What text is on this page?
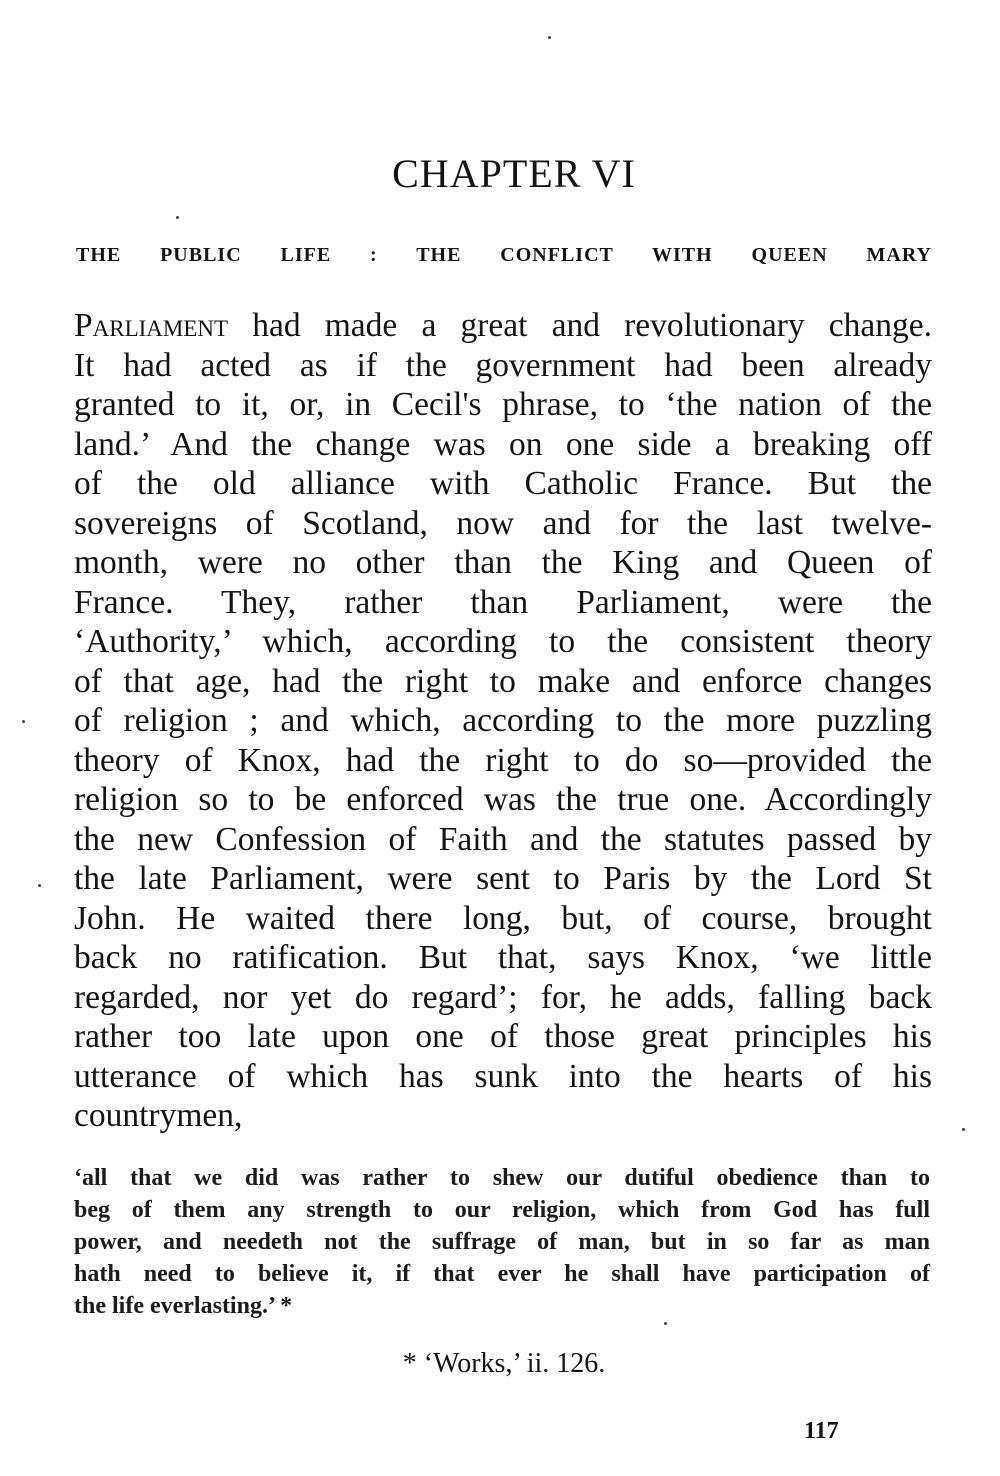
CHAPTER VI
THE PUBLIC LIFE : THE CONFLICT WITH QUEEN MARY
Parliament had made a great and revolutionary change.
It had acted as if the government had been already
granted to it, or, in Cecil's phrase, to ‘the nation of the
land.’ And the change was on one side a breaking off
of the old alliance with Catholic France. But the
sovereigns of Scotland, now and for the last twelve-
month, were no other than the King and Queen of
France. They, rather than Parliament, were the
‘Authority,’ which, according to the consistent theory
of that age, had the right to make and enforce changes
of religion ; and which, according to the more puzzling
theory of Knox, had the right to do so—provided the
religion so to be enforced was the true one. Accordingly
the new Confession of Faith and the statutes passed by
the late Parliament, were sent to Paris by the Lord St
John. He waited there long, but, of course, brought
back no ratification. But that, says Knox, ‘we little
regarded, nor yet do regard’; for, he adds, falling back
rather too late upon one of those great principles his
utterance of which has sunk into the hearts of his
countrymen,
‘all that we did was rather to shew our dutiful obedience than to
beg of them any strength to our religion, which from God has full
power, and needeth not the suffrage of man, but in so far as man
hath need to believe it, if that ever he shall have participation of
the life everlasting.’ *
* ‘Works,’ ii. 126.
117
